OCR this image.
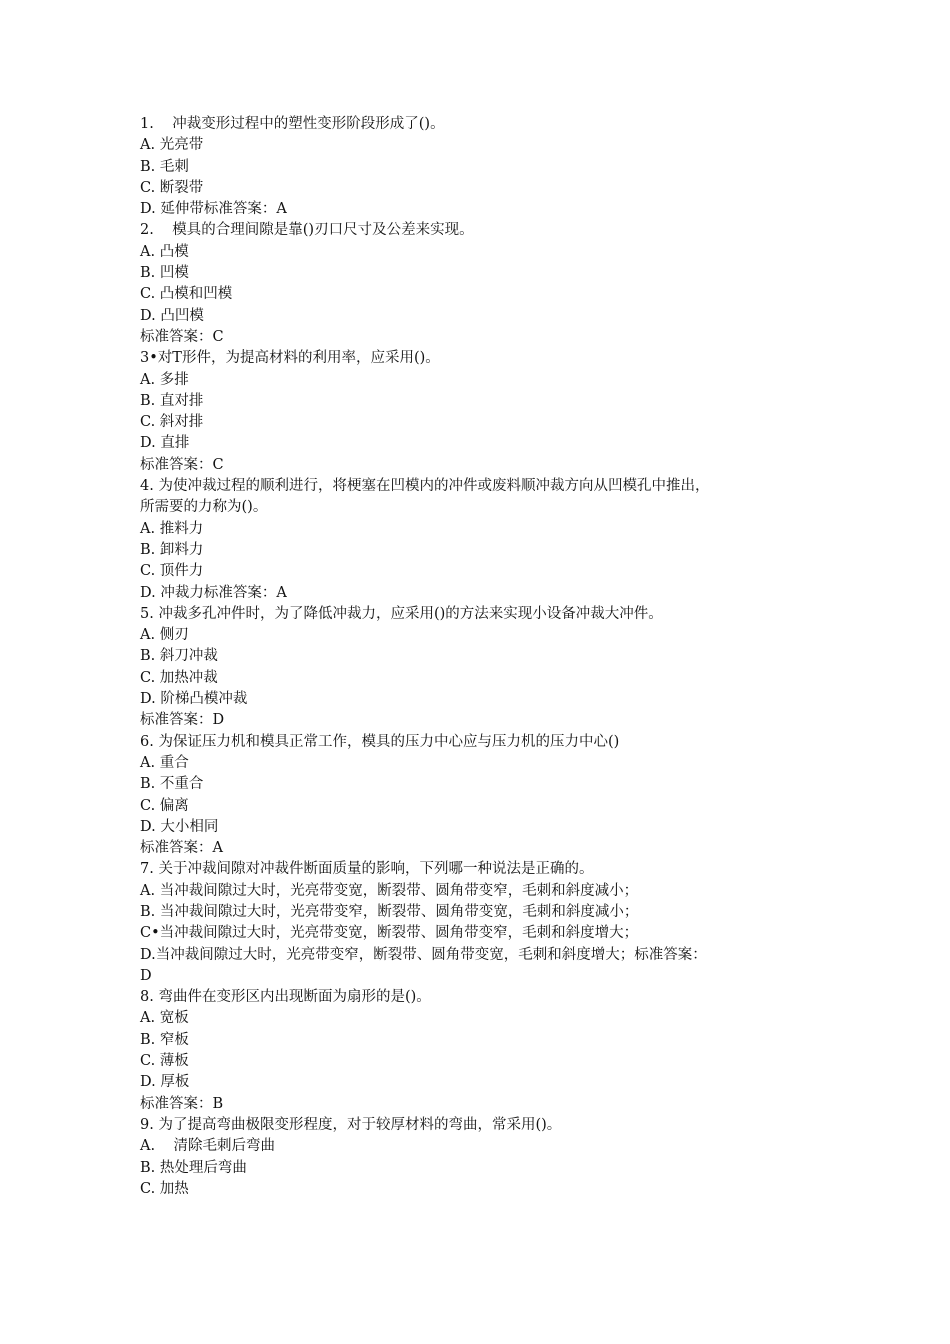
1.    冲裁变形过程中的塑性变形阶段形成了()。

A. 光亮带

B. 毛刺

C. 断裂带

D. 延伸带标准答案：A

2.    模具的合理间隙是靠()刃口尺寸及公差来实现。

A. 凸模

B. 凹模

C. 凸模和凹模

D. 凸凹模

标准答案：C

3•对T形件，为提高材料的利用率，应采用()。

A. 多排

B. 直对排

C. 斜对排

D. 直排

标准答案：C

4. 为使冲裁过程的顺利进行，将梗塞在凹模内的冲件或废料顺冲裁方向从凹模孔中推出，

所需要的力称为()。

A. 推料力

B. 卸料力

C. 顶件力

D. 冲裁力标准答案：A

5. 冲裁多孔冲件时，为了降低冲裁力，应采用()的方法来实现小设备冲裁大冲件。

A. 侧刃

B. 斜刀冲裁

C. 加热冲裁

D. 阶梯凸模冲裁

标准答案：D

6. 为保证压力机和模具正常工作，模具的压力中心应与压力机的压力中心()

A. 重合

B. 不重合

C. 偏离

D. 大小相同

标准答案：A

7. 关于冲裁间隙对冲裁件断面质量的影响，下列哪一种说法是正确的。

A. 当冲裁间隙过大时，光亮带变宽，断裂带、圆角带变窄，毛刺和斜度减小；

B. 当冲裁间隙过大时，光亮带变窄，断裂带、圆角带变宽，毛刺和斜度减小；

C•当冲裁间隙过大时，光亮带变宽，断裂带、圆角带变窄，毛刺和斜度增大；

D.当冲裁间隙过大时，光亮带变窄，断裂带、圆角带变宽，毛刺和斜度增大；标准答案：

D

8. 弯曲件在变形区内出现断面为扇形的是()。

A. 宽板

B. 窄板

C. 薄板

D. 厚板

标准答案：B

9. 为了提高弯曲极限变形程度，对于较厚材料的弯曲，常采用()。

A.    清除毛刺后弯曲

B. 热处理后弯曲

C. 加热
